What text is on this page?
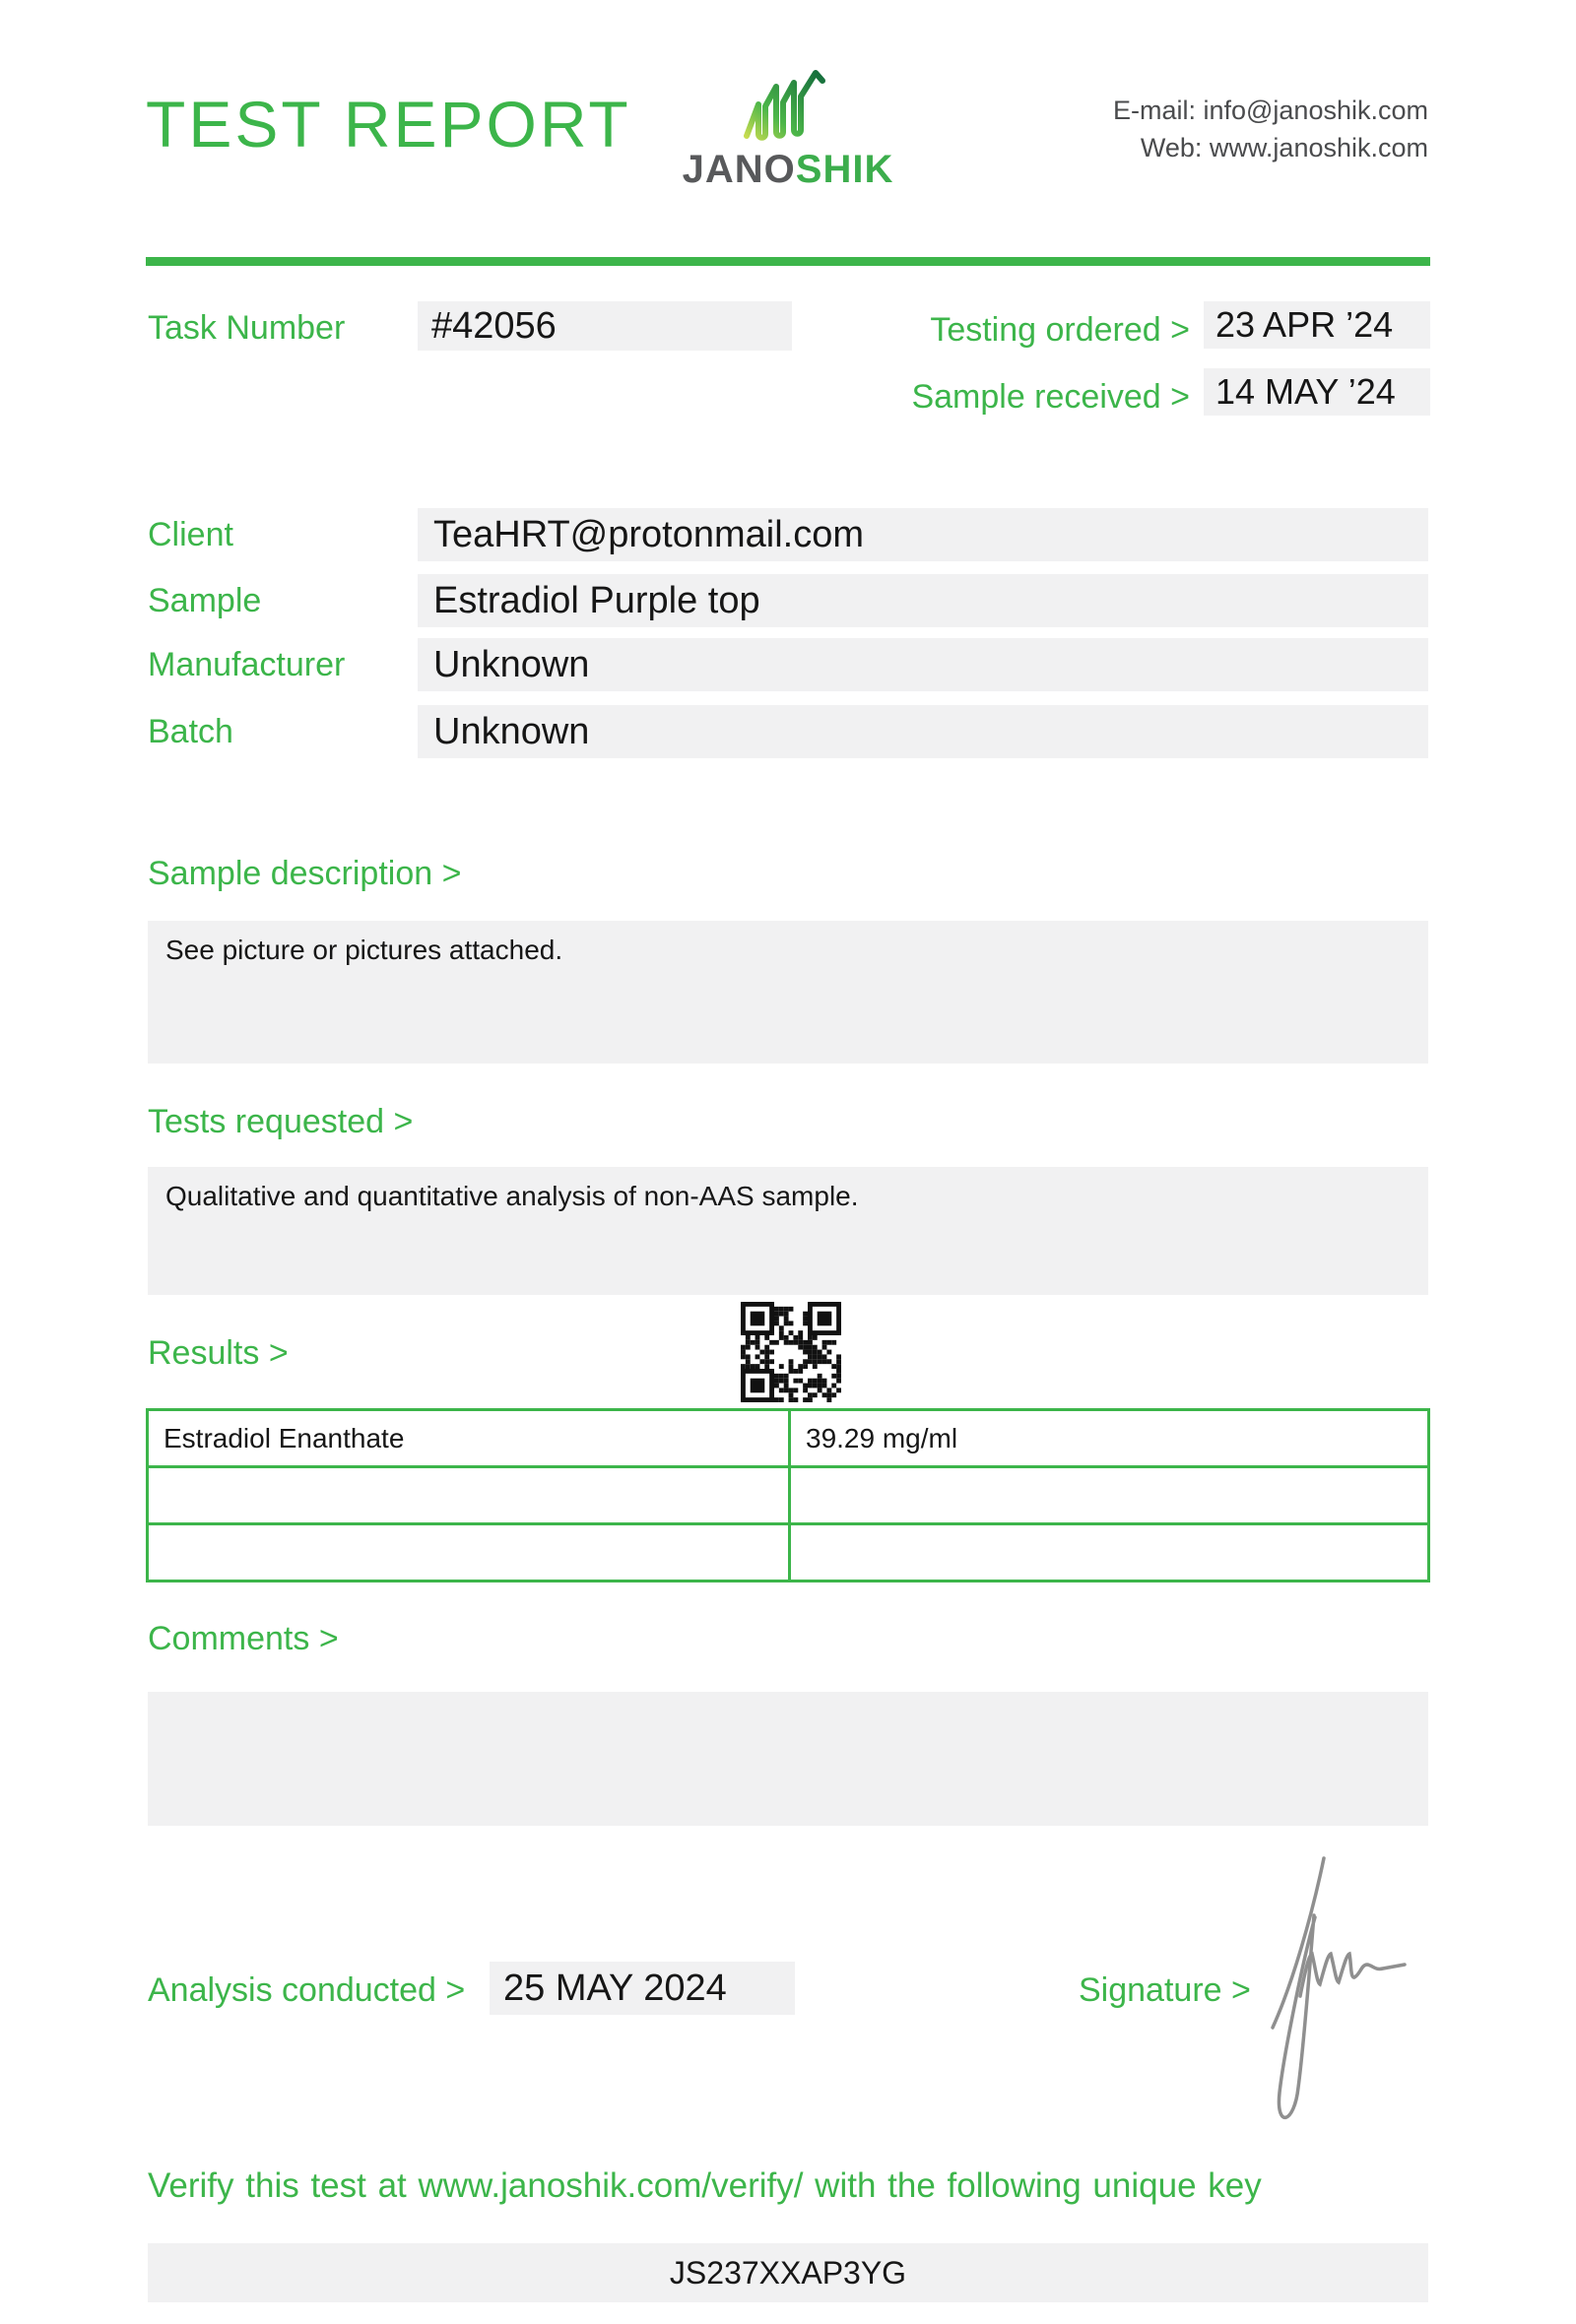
TEST REPORT
JANOSHIK
E-mail: info@janoshik.com
Web: www.janoshik.com
Task Number	#42056	Testing ordered > 23 APR ’24
Sample received > 14 MAY ’24
Client	TeaHRT@protonmail.com
Sample	Estradiol Purple top
Manufacturer	Unknown
Batch	Unknown
Sample description >
See picture or pictures attached.
Tests requested >
Qualitative and quantitative analysis of non-AAS sample.
Results >
Estradiol Enanthate	39.29 mg/ml
Comments >
Analysis conducted >	25 MAY 2024	Signature >
Verify this test at www.janoshik.com/verify/ with the following unique key
JS237XXAP3YG
